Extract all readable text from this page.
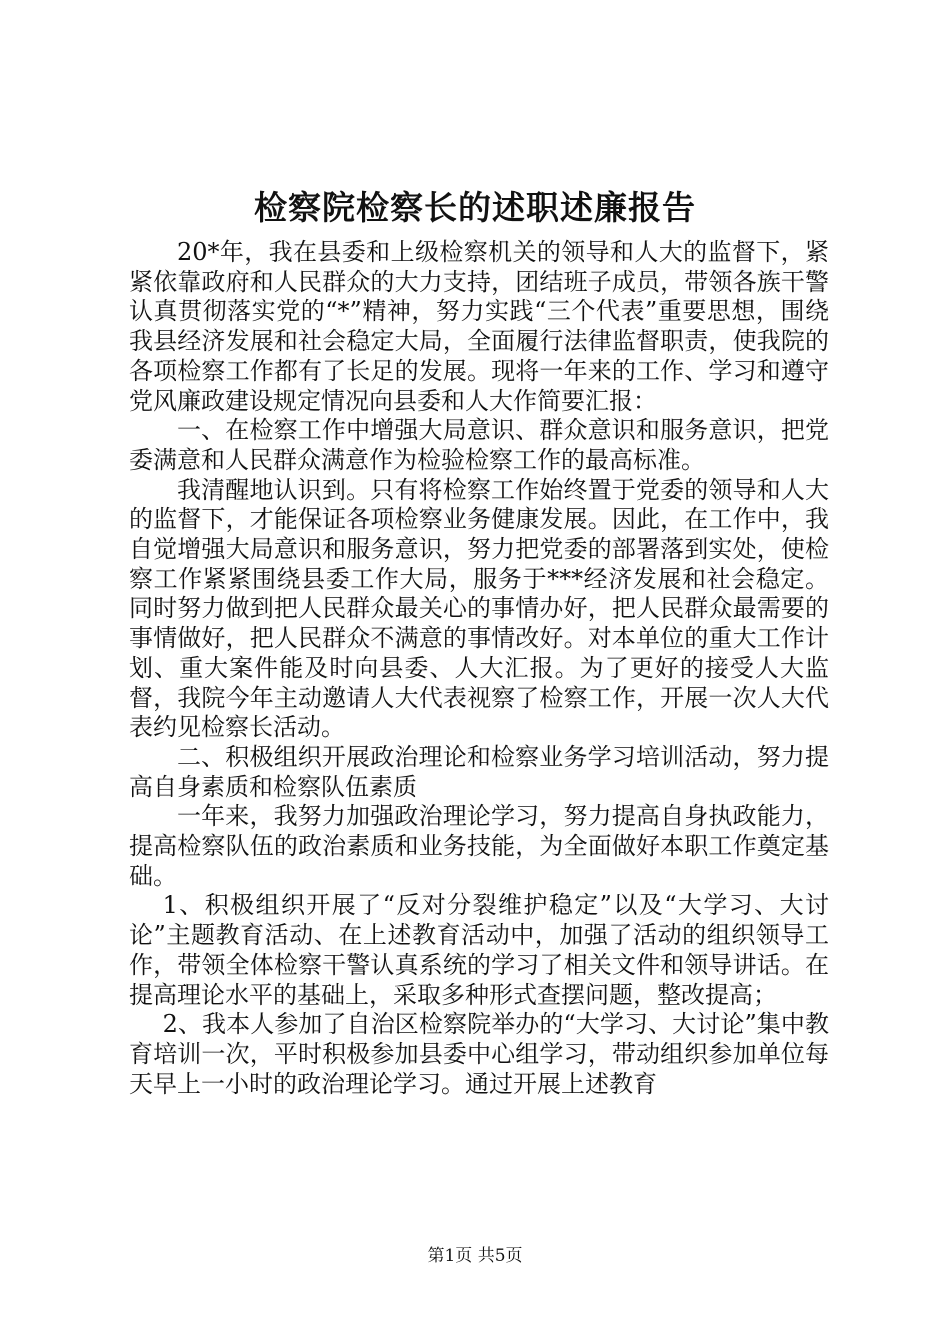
检察院检察长的述职述廉报告

20*年，我在县委和上级检察机关的领导和人大的监督下，紧紧依靠政府和人民群众的大力支持，团结班子成员，带领各族干警认真贯彻落实党的“*”精神，努力实践“三个代表”重要思想，围绕我县经济发展和社会稳定大局，全面履行法律监督职责，使我院的各项检察工作都有了长足的发展。现将一年来的工作、学习和遵守党风廉政建设规定情况向县委和人大作简要汇报：

一、在检察工作中增强大局意识、群众意识和服务意识，把党委满意和人民群众满意作为检验检察工作的最高标准。

我清醒地认识到。只有将检察工作始终置于党委的领导和人大的监督下，才能保证各项检察业务健康发展。因此，在工作中，我自觉增强大局意识和服务意识，努力把党委的部署落到实处，使检察工作紧紧围绕县委工作大局，服务于***经济发展和社会稳定。同时努力做到把人民群众最关心的事情办好，把人民群众最需要的事情做好，把人民群众不满意的事情改好。对本单位的重大工作计划、重大案件能及时向县委、人大汇报。为了更好的接受人大监督，我院今年主动邀请人大代表视察了检察工作，开展一次人大代表约见检察长活动。

二、积极组织开展政治理论和检察业务学习培训活动，努力提高自身素质和检察队伍素质

一年来，我努力加强政治理论学习，努力提高自身执政能力，提高检察队伍的政治素质和业务技能，为全面做好本职工作奠定基础。

1、积极组织开展了“反对分裂维护稳定”以及“大学习、大讨论”主题教育活动、在上述教育活动中，加强了活动的组织领导工作，带领全体检察干警认真系统的学习了相关文件和领导讲话。在提高理论水平的基础上，采取多种形式查摆问题，整改提高；

2、我本人参加了自治区检察院举办的“大学习、大讨论”集中教育培训一次，平时积极参加县委中心组学习，带动组织参加单位每天早上一小时的政治理论学习。通过开展上述教育

第1页 共5页
